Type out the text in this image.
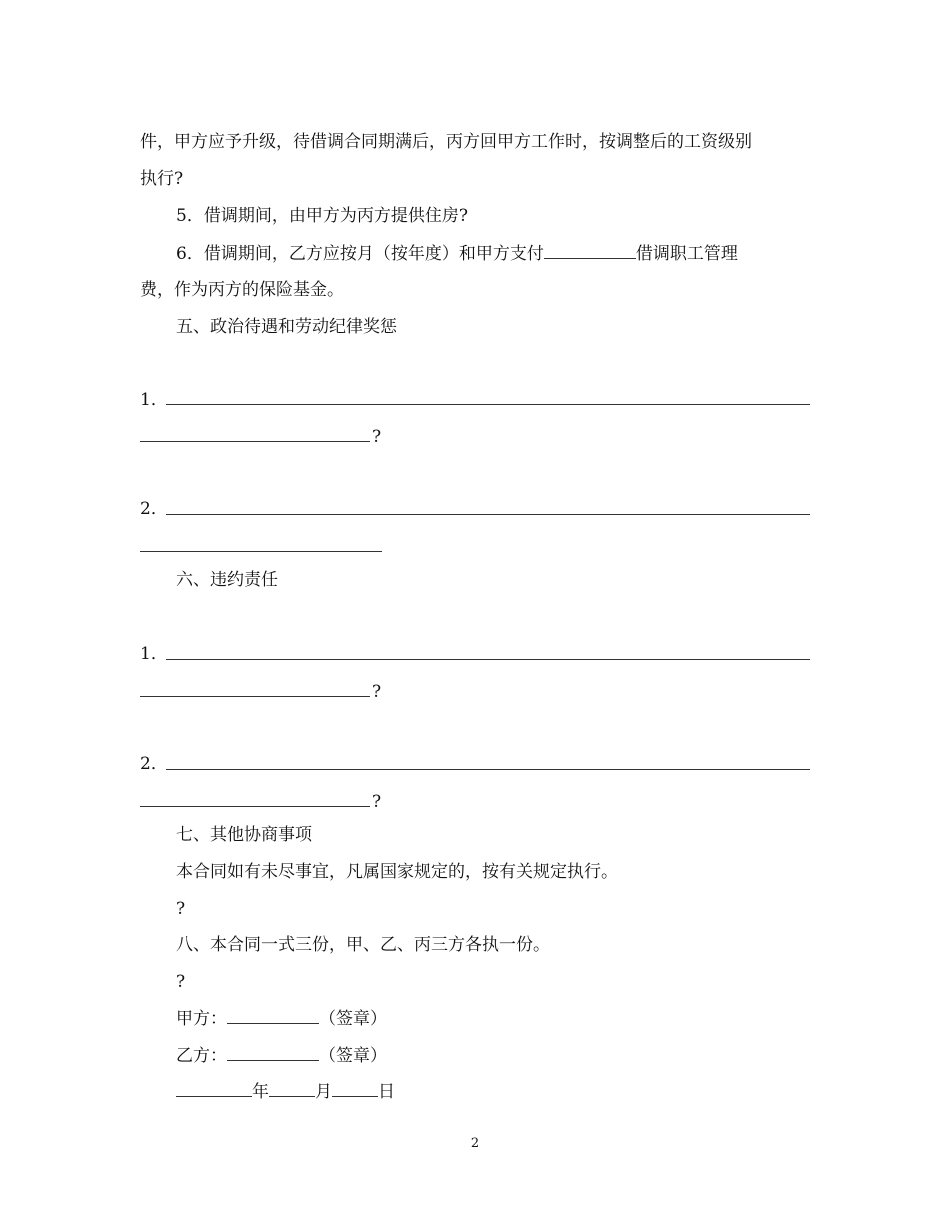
件，甲方应予升级，待借调合同期满后，丙方回甲方工作时，按调整后的工资级别
执行?
5．借调期间，由甲方为丙方提供住房?
6．借调期间，乙方应按月（按年度）和甲方支付	借调职工管理
费，作为丙方的保险基金。
五、政治待遇和劳动纪律奖惩
1．
?
2．
六、违约责任
1．
?
2．
?
七、其他协商事项
本合同如有未尽事宜，凡属国家规定的，按有关规定执行。
?
八、本合同一式三份，甲、乙、丙三方各执一份。
?
甲方：	（签章）
乙方：	（签章）
年	月	日
2
